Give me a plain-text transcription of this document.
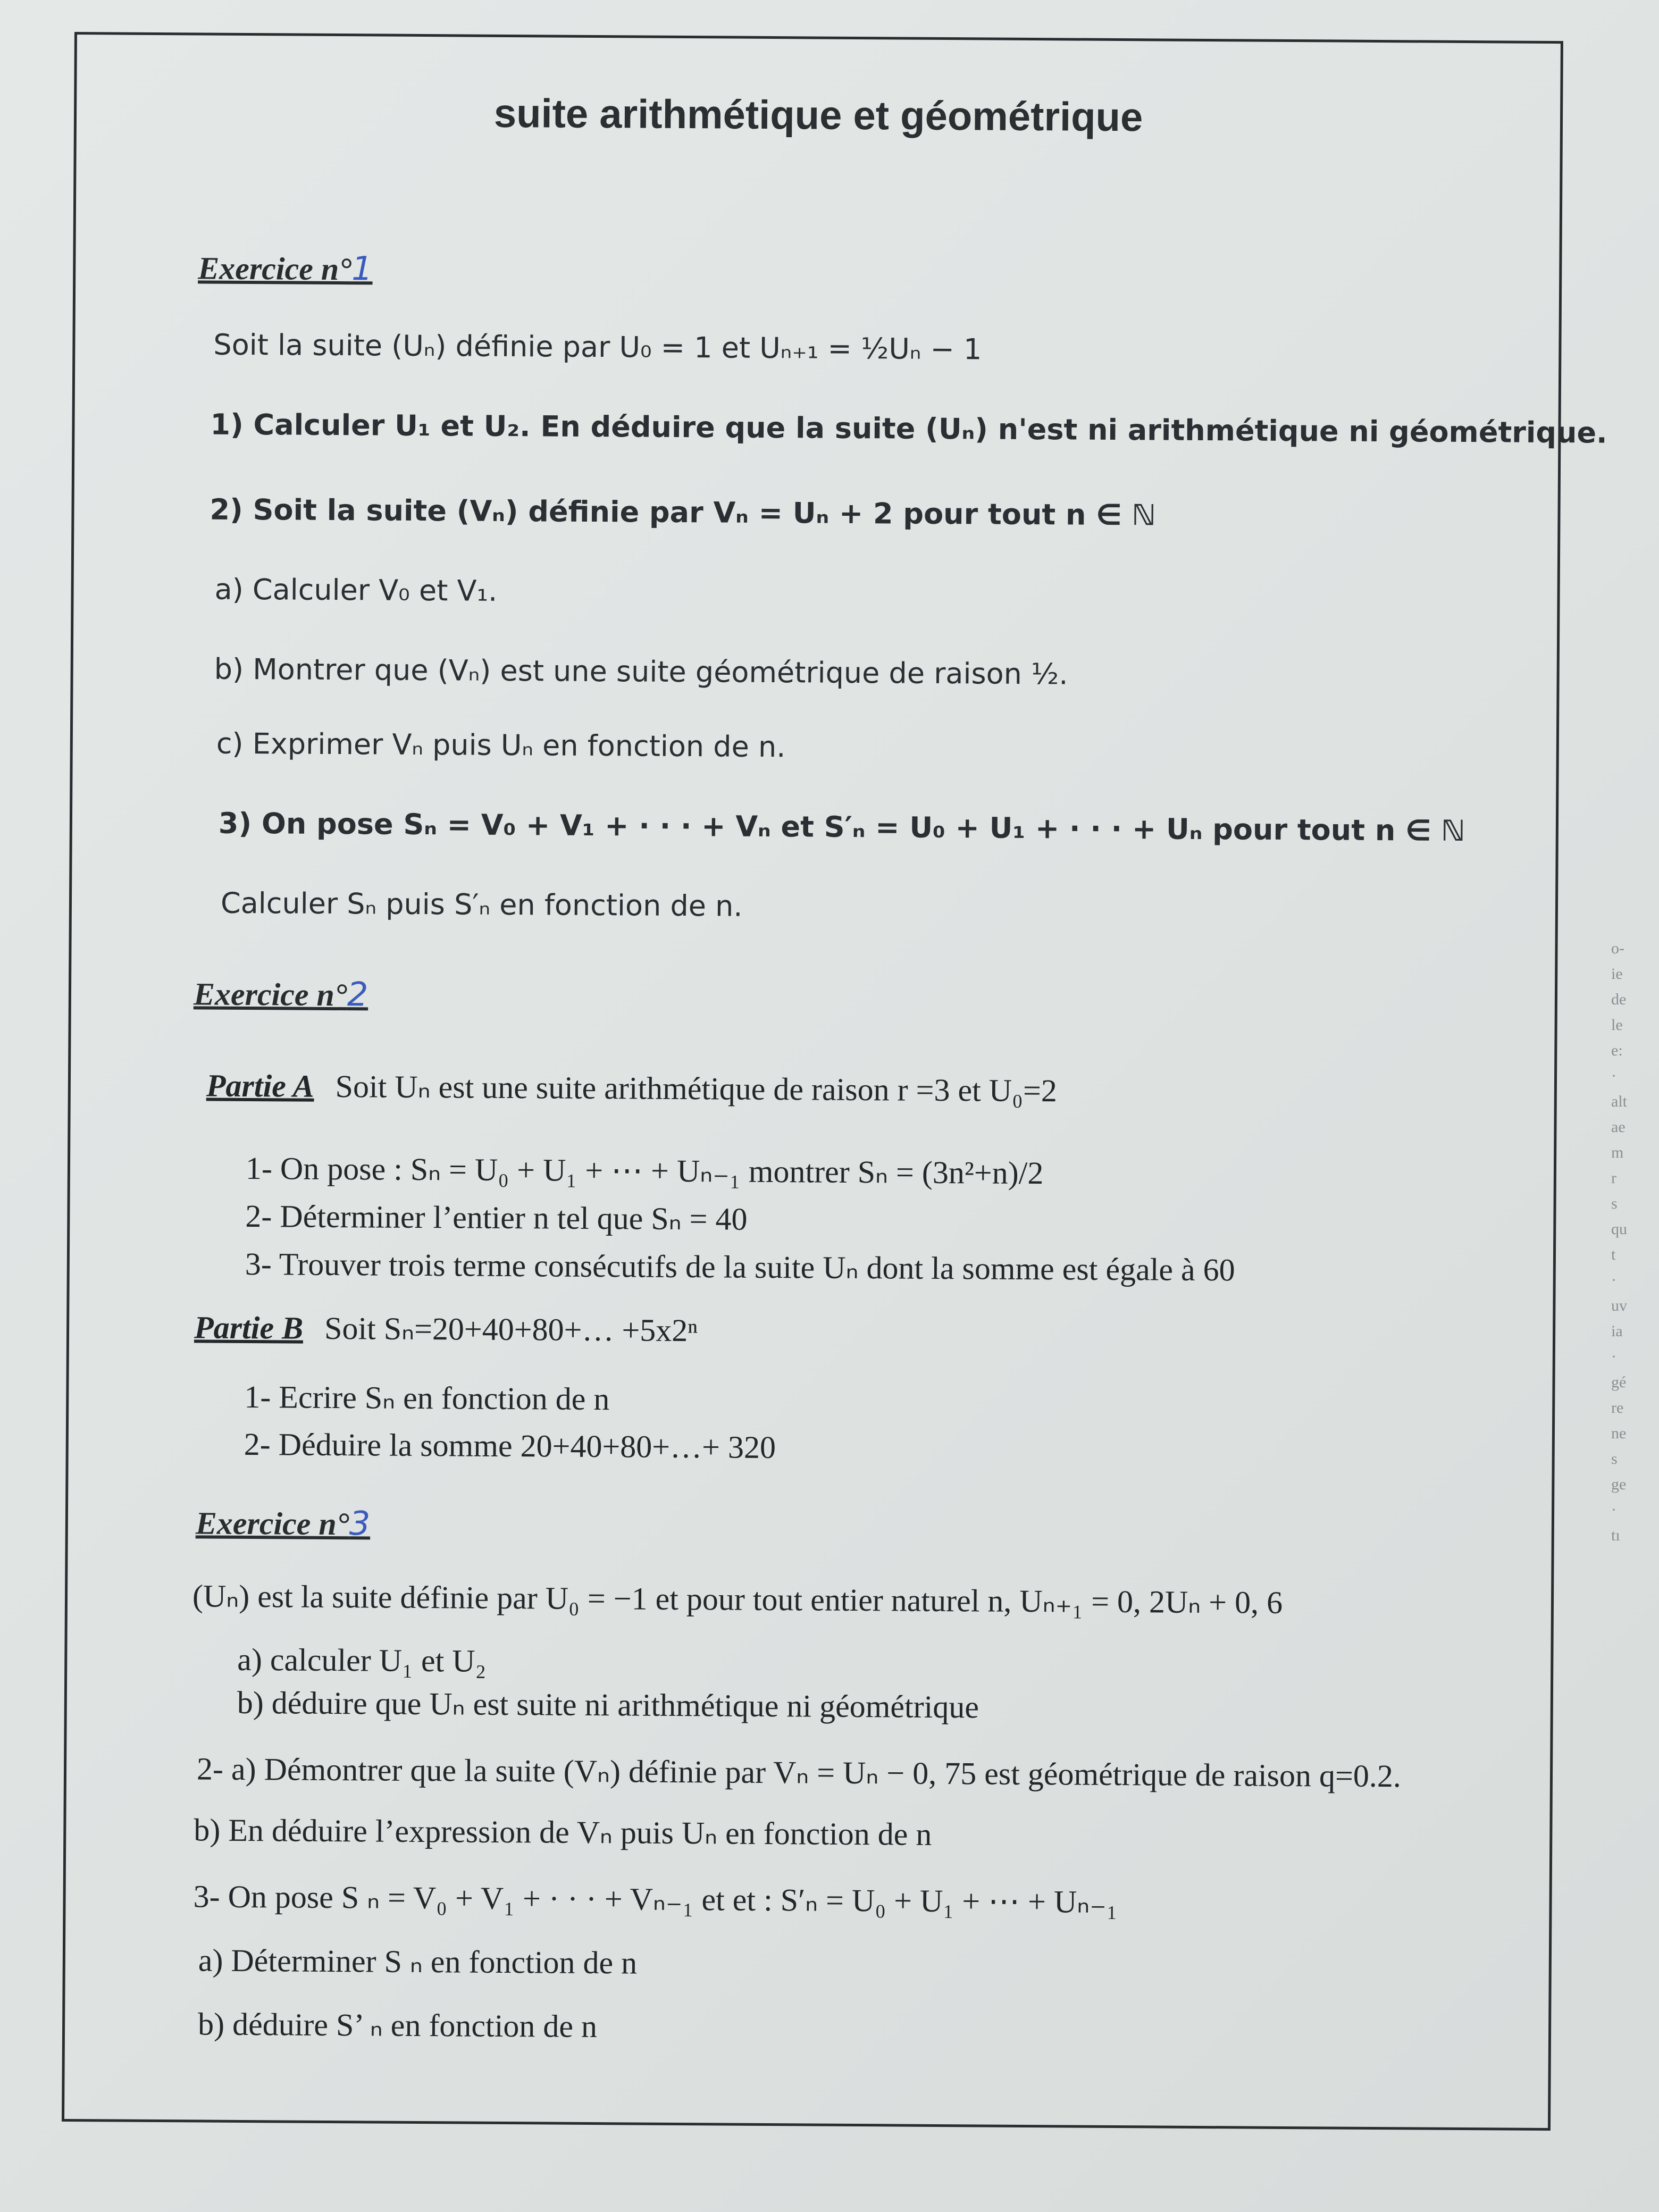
suite arithmétique et géométrique
Exercice n°1
Soit la suite (Uₙ) définie par U₀ = 1 et Uₙ₊₁ = ½Uₙ − 1
1) Calculer U₁ et U₂. En déduire que la suite (Uₙ) n'est ni arithmétique ni géométrique.
2) Soit la suite (Vₙ) définie par Vₙ = Uₙ + 2 pour tout n ∈ ℕ
a) Calculer V₀ et V₁.
b) Montrer que (Vₙ) est une suite géométrique de raison ½.
c) Exprimer Vₙ puis Uₙ en fonction de n.
3) On pose Sₙ = V₀ + V₁ + · · · + Vₙ et S′ₙ = U₀ + U₁ + · · · + Uₙ pour tout n ∈ ℕ
Calculer Sₙ puis S′ₙ en fonction de n.
Exercice n°2
Partie A Soit Uₙ est une suite arithmétique de raison r =3 et U₀=2
1- On pose : Sₙ = U₀ + U₁ + ⋯ + Uₙ₋₁ montrer Sₙ = (3n²+n)/2
2- Déterminer l’entier n tel que Sₙ = 40
3- Trouver trois terme consécutifs de la suite Uₙ dont la somme est égale à 60
Partie B Soit Sₙ=20+40+80+… +5x2ⁿ
1- Ecrire Sₙ en fonction de n
2- Déduire la somme 20+40+80+…+ 320
Exercice n°3
(Uₙ) est la suite définie par U₀ = −1 et pour tout entier naturel n, Uₙ₊₁ = 0, 2Uₙ + 0, 6
a) calculer U₁ et U₂
b) déduire que Uₙ est suite ni arithmétique ni géométrique
2- a) Démontrer que la suite (Vₙ) définie par Vₙ = Uₙ − 0, 75 est géométrique de raison q=0.2.
b) En déduire l’expression de Vₙ puis Uₙ en fonction de n
3- On pose S ₙ = V₀ + V₁ + · · · + Vₙ₋₁ et et : S′ₙ = U₀ + U₁ + ⋯ + Uₙ₋₁
a) Déterminer S ₙ en fonction de n
b) déduire S’ ₙ en fonction de n
o-
ie
de
le
e:
·
alt
ae
m
r
s
qu
t
·
uv
ia
·
gé
re
ne
s
ge
·
tı
